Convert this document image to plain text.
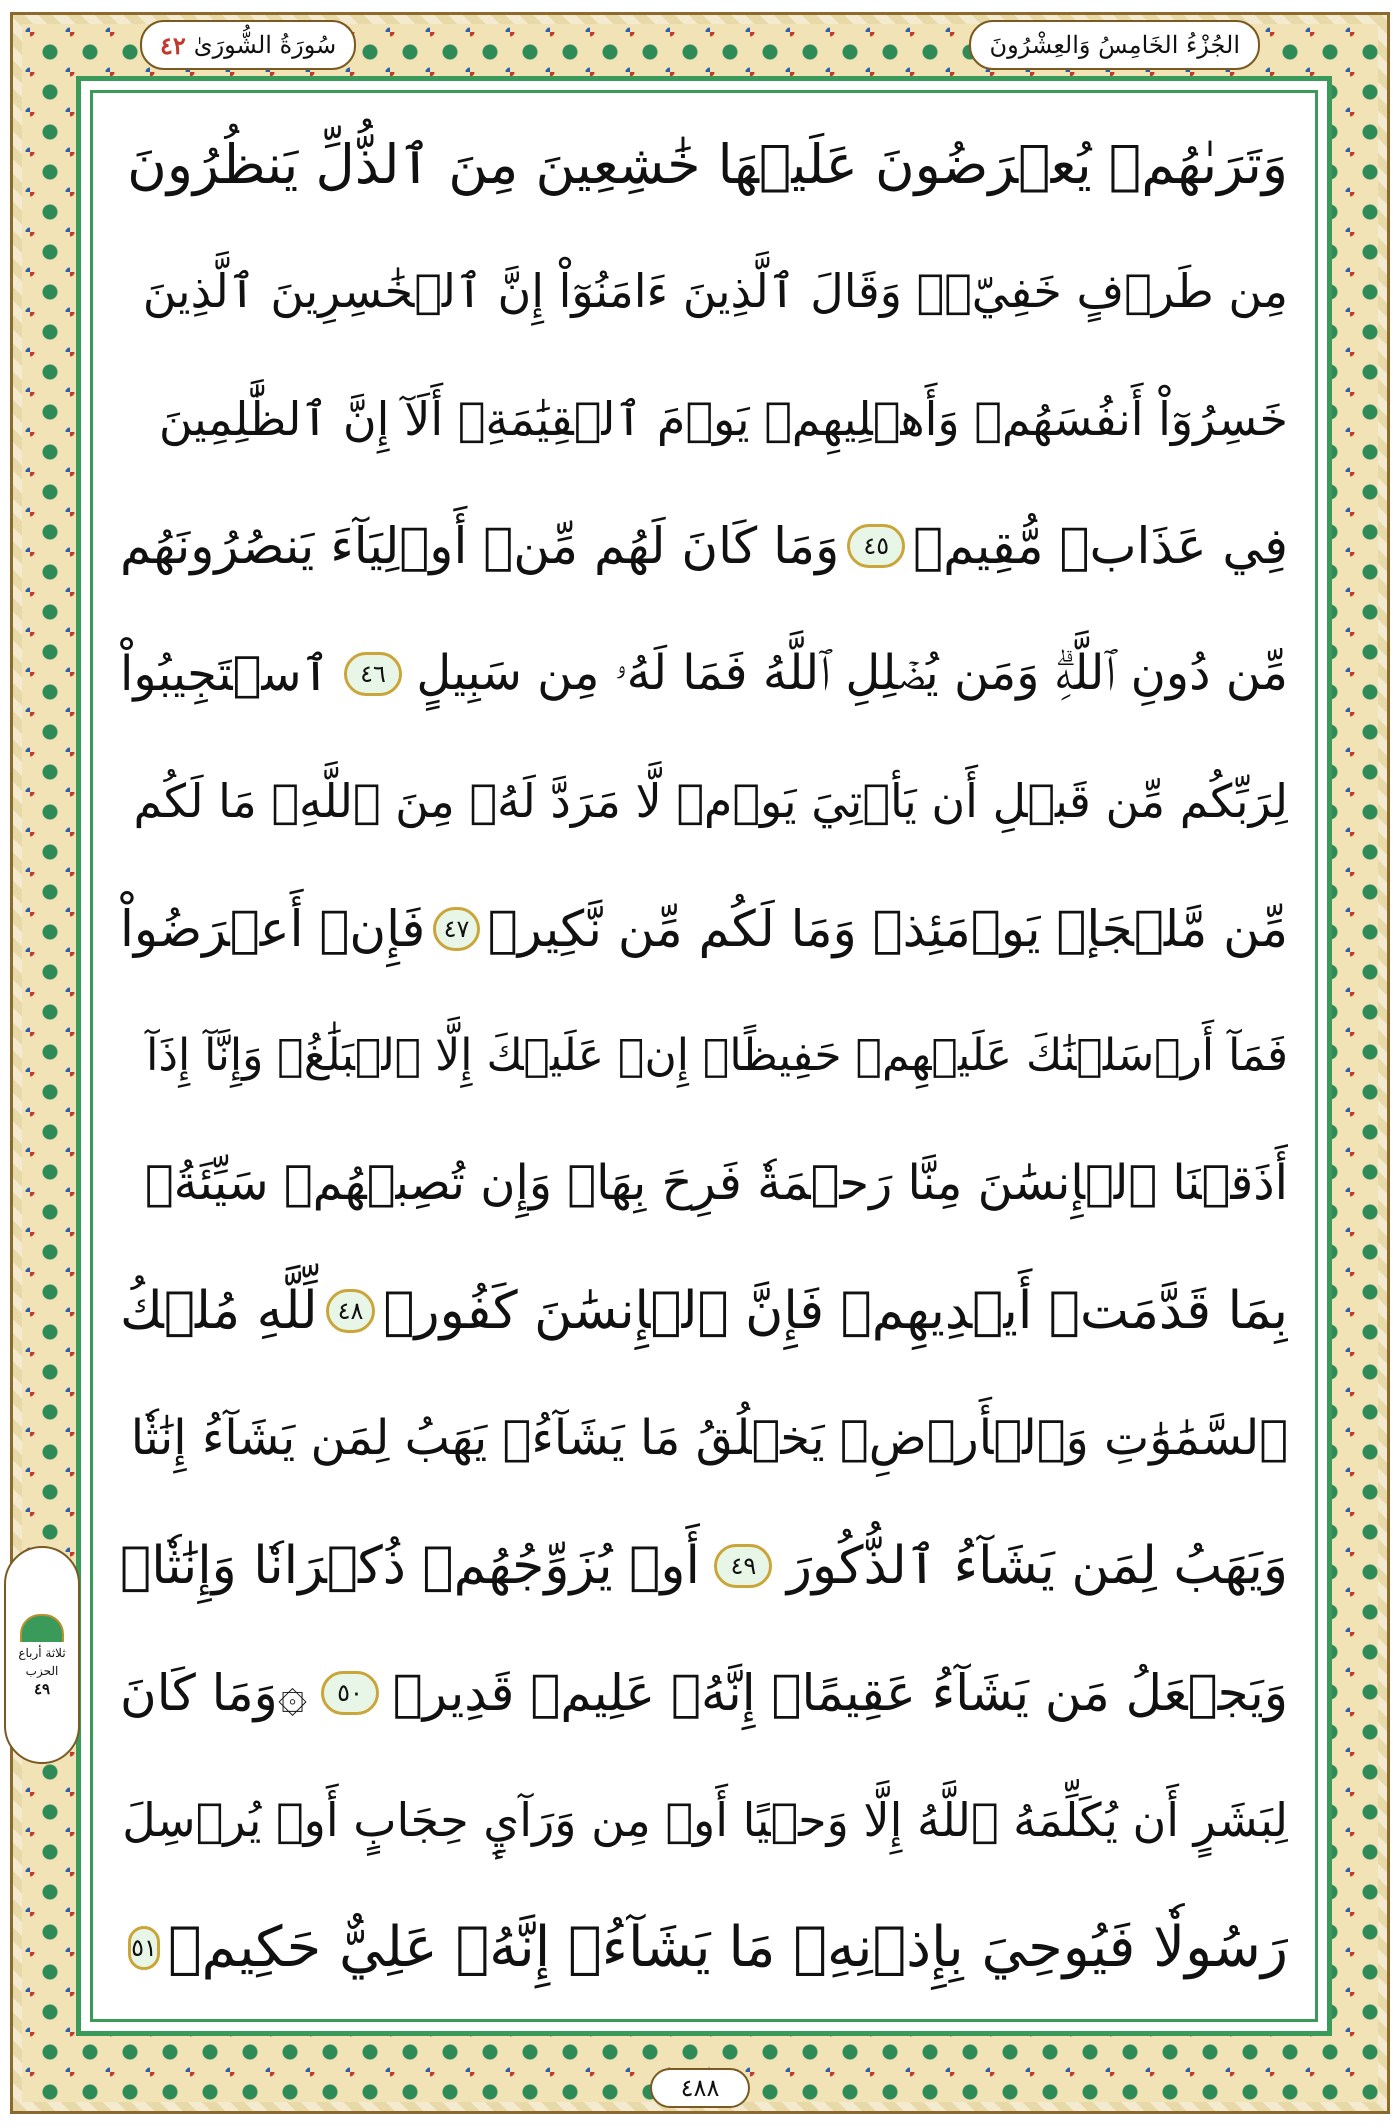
الجُزْءُ الخَامِسُ وَالعِشْرُونَ
سُورَةُ الشُّورَىٰ
٤٢
وَتَرَىٰهُمۡ يُعۡرَضُونَ عَلَيۡهَا خَٰشِعِينَ مِنَ ٱلذُّلِّ يَنظُرُونَ
مِن طَرۡفٍ خَفِيّٖۗ وَقَالَ ٱلَّذِينَ ءَامَنُوٓاْ إِنَّ ٱلۡخَٰسِرِينَ ٱلَّذِينَ
خَسِرُوٓاْ أَنفُسَهُمۡ وَأَهۡلِيهِمۡ يَوۡمَ ٱلۡقِيَٰمَةِۗ أَلَآ إِنَّ ٱلظَّٰلِمِينَ
فِي عَذَابٖ مُّقِيمٖ
٤٥
وَمَا كَانَ لَهُم مِّنۡ أَوۡلِيَآءَ يَنصُرُونَهُم
مِّن دُونِ ٱللَّهِۗ وَمَن يُضۡلِلِ ٱللَّهُ فَمَا لَهُۥ مِن سَبِيلٍ
٤٦
ٱسۡتَجِيبُواْ
لِرَبِّكُم مِّن قَبۡلِ أَن يَأۡتِيَ يَوۡمٞ لَّا مَرَدَّ لَهُۥ مِنَ ٱللَّهِۚ مَا لَكُم
مِّن مَّلۡجَإٖ يَوۡمَئِذٖ وَمَا لَكُم مِّن نَّكِيرٖ
٤٧
فَإِنۡ أَعۡرَضُواْ
فَمَآ أَرۡسَلۡنَٰكَ عَلَيۡهِمۡ حَفِيظًاۖ إِنۡ عَلَيۡكَ إِلَّا ٱلۡبَلَٰغُۗ وَإِنَّآ إِذَآ
أَذَقۡنَا ٱلۡإِنسَٰنَ مِنَّا رَحۡمَةٗ فَرِحَ بِهَاۖ وَإِن تُصِبۡهُمۡ سَيِّئَةُۢ
بِمَا قَدَّمَتۡ أَيۡدِيهِمۡ فَإِنَّ ٱلۡإِنسَٰنَ كَفُورٞ
٤٨
لِّلَّهِ مُلۡكُ
ٱلسَّمَٰوَٰتِ وَٱلۡأَرۡضِۚ يَخۡلُقُ مَا يَشَآءُۚ يَهَبُ لِمَن يَشَآءُ إِنَٰثٗا
وَيَهَبُ لِمَن يَشَآءُ ٱلذُّكُورَ
٤٩
أَوۡ يُزَوِّجُهُمۡ ذُكۡرَانٗا وَإِنَٰثٗاۖ
وَيَجۡعَلُ مَن يَشَآءُ عَقِيمًاۚ إِنَّهُۥ عَلِيمٞ قَدِيرٞ
٥٠
۞وَمَا كَانَ
لِبَشَرٍ أَن يُكَلِّمَهُ ٱللَّهُ إِلَّا وَحۡيًا أَوۡ مِن وَرَآيِٕ حِجَابٍ أَوۡ يُرۡسِلَ
رَسُولٗا فَيُوحِيَ بِإِذۡنِهِۦ مَا يَشَآءُۚ إِنَّهُۥ عَلِيٌّ حَكِيمٞ
٥١
ثلاثة أرباع
الحزب
٤٩
٤٨٨
